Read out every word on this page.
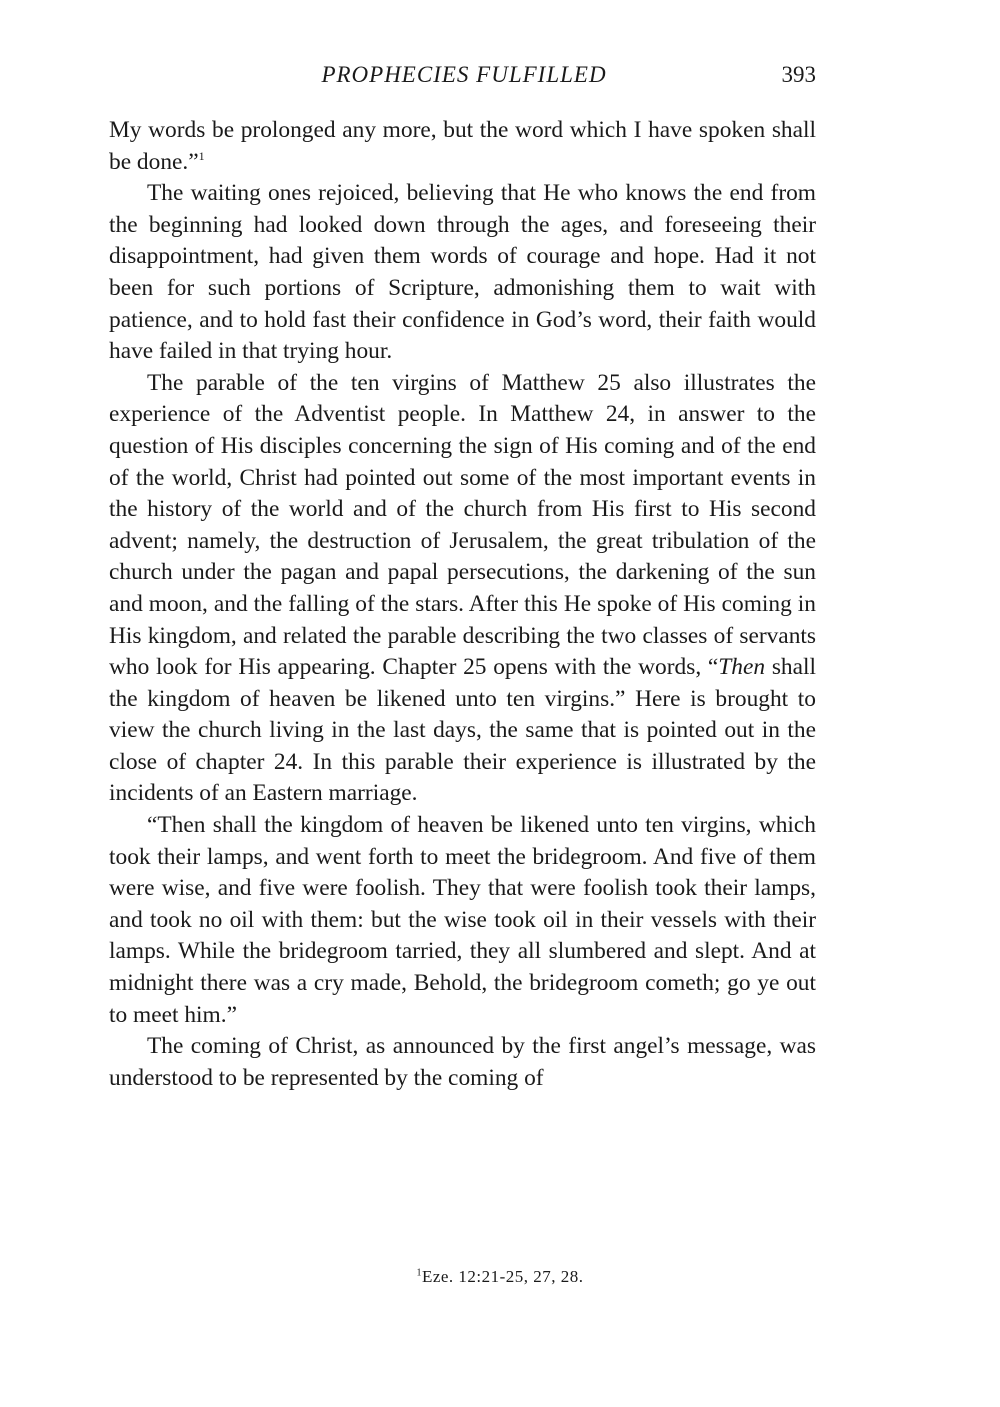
PROPHECIES FULFILLED	393

My words be prolonged any more, but the word which I have spoken shall be done.”$^1$

The waiting ones rejoiced, believing that He who knows the end from the beginning had looked down through the ages, and foreseeing their disappointment, had given them words of courage and hope. Had it not been for such portions of Scripture, admonishing them to wait with patience, and to hold fast their confidence in God’s word, their faith would have failed in that trying hour.

The parable of the ten virgins of Matthew 25 also illustrates the experience of the Adventist people. In Matthew 24, in answer to the question of His disciples concerning the sign of His coming and of the end of the world, Christ had pointed out some of the most important events in the history of the world and of the church from His first to His second advent; namely, the destruction of Jerusalem, the great tribulation of the church under the pagan and papal persecutions, the darkening of the sun and moon, and the falling of the stars. After this He spoke of His coming in His kingdom, and related the parable describing the two classes of servants who look for His appearing. Chapter 25 opens with the words, “Then shall the kingdom of heaven be likened unto ten virgins.” Here is brought to view the church living in the last days, the same that is pointed out in the close of chapter 24. In this parable their experience is illustrated by the incidents of an Eastern marriage.

“Then shall the kingdom of heaven be likened unto ten virgins, which took their lamps, and went forth to meet the bridegroom. And five of them were wise, and five were foolish. They that were foolish took their lamps, and took no oil with them: but the wise took oil in their vessels with their lamps. While the bridegroom tarried, they all slumbered and slept. And at midnight there was a cry made, Behold, the bridegroom cometh; go ye out to meet him.”

The coming of Christ, as announced by the first angel’s message, was understood to be represented by the coming of

$^1$Eze. 12:21-25, 27, 28.
